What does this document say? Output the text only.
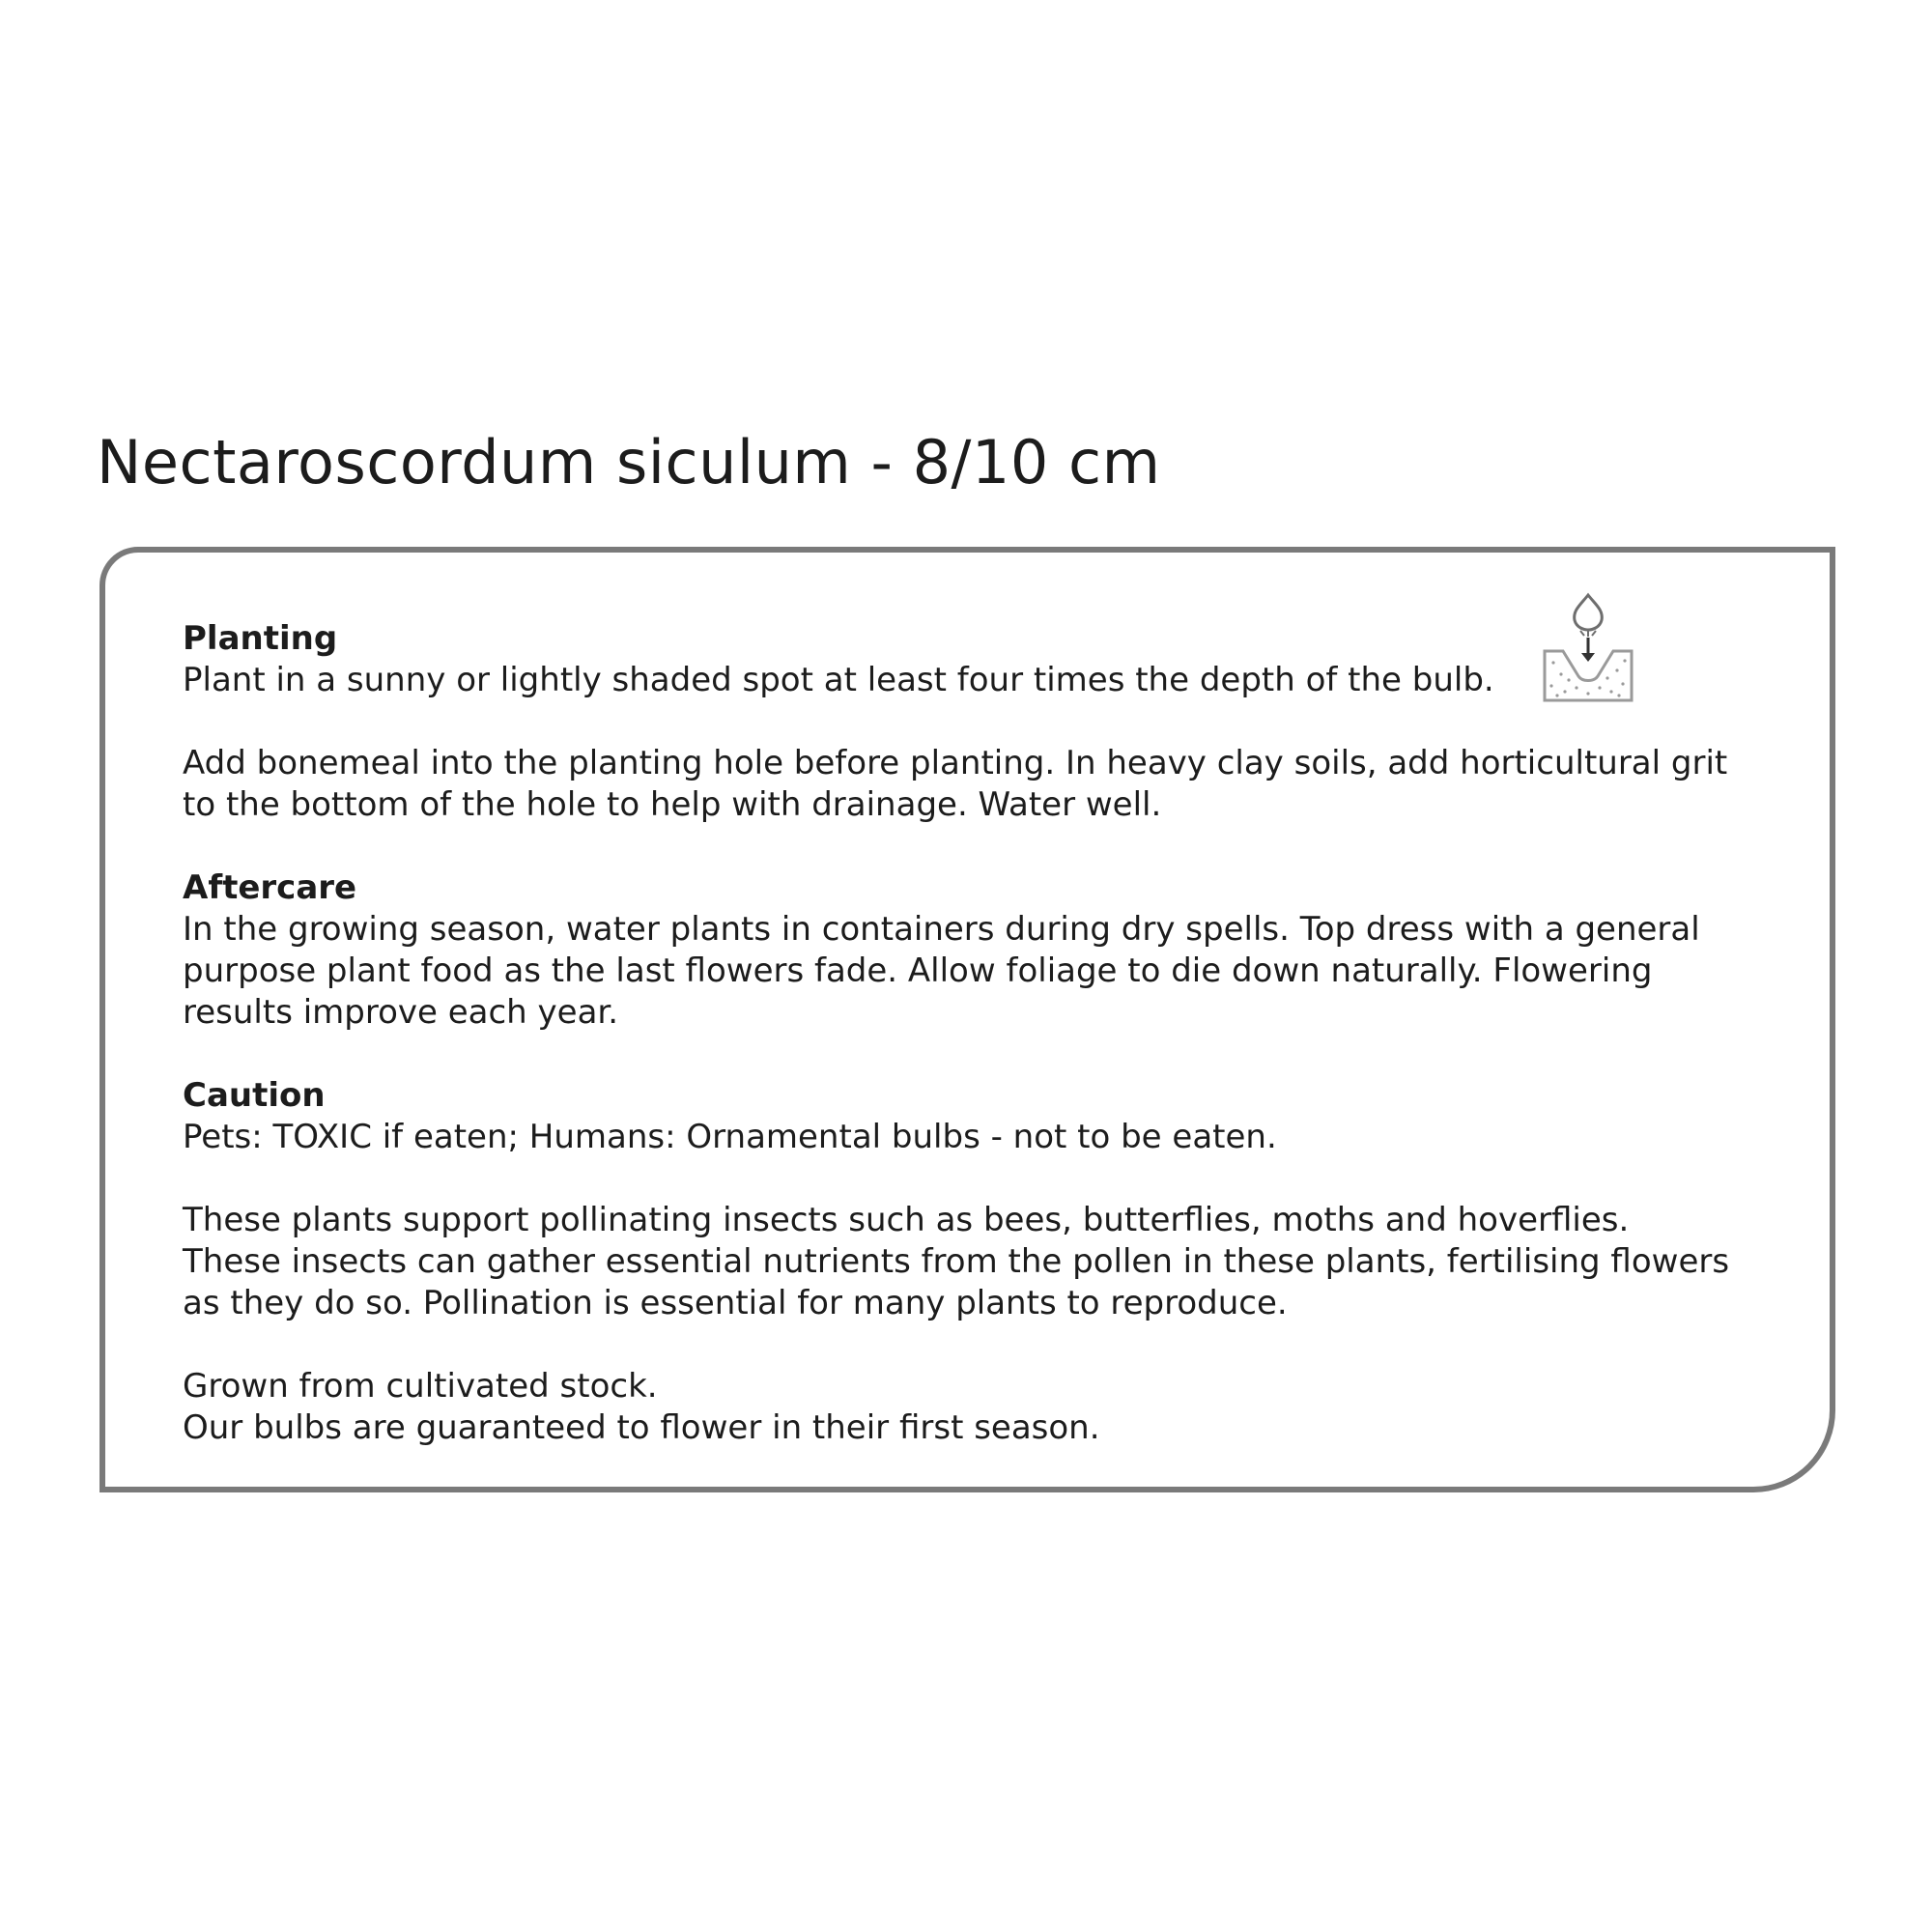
Nectaroscordum siculum - 8/10 cm

Planting
Plant in a sunny or lightly shaded spot at least four times the depth of the bulb.

Add bonemeal into the planting hole before planting. In heavy clay soils, add horticultural grit
to the bottom of the hole to help with drainage. Water well.

Aftercare
In the growing season, water plants in containers during dry spells. Top dress with a general
purpose plant food as the last flowers fade. Allow foliage to die down naturally. Flowering
results improve each year.

Caution
Pets: TOXIC if eaten; Humans: Ornamental bulbs - not to be eaten.

These plants support pollinating insects such as bees, butterflies, moths and hoverflies.
These insects can gather essential nutrients from the pollen in these plants, fertilising flowers
as they do so. Pollination is essential for many plants to reproduce.

Grown from cultivated stock.
Our bulbs are guaranteed to flower in their first season.
